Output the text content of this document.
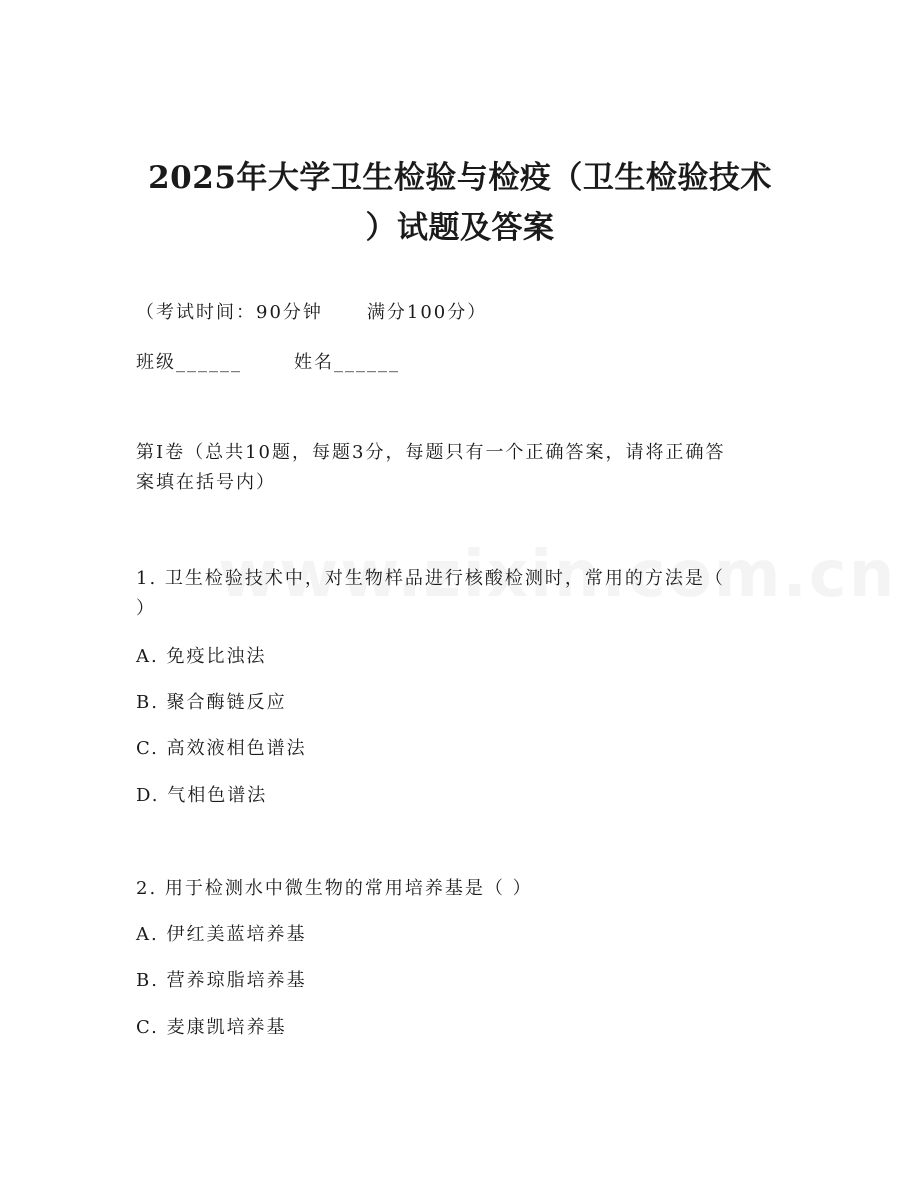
2025年大学卫生检验与检疫（卫生检验技术
）试题及答案
（考试时间：90分钟 满分100分）
班级______	姓名______
第I卷（总共10题，每题3分，每题只有一个正确答案，请将正确答
案填在括号内）
1. 卫生检验技术中，对生物样品进行核酸检测时，常用的方法是（
）
A. 免疫比浊法
B. 聚合酶链反应
C. 高效液相色谱法
D. 气相色谱法
2. 用于检测水中微生物的常用培养基是（ ）
A. 伊红美蓝培养基
B. 营养琼脂培养基
C. 麦康凯培养基
